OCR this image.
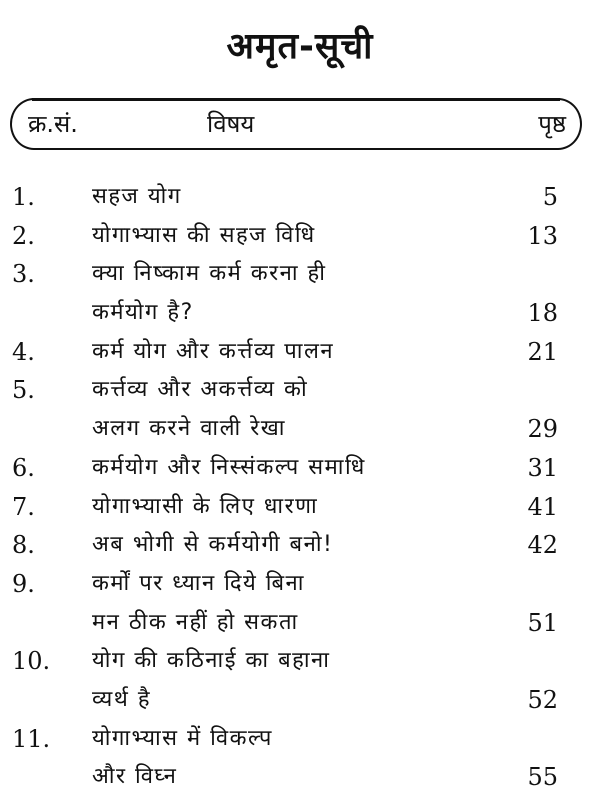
अमृत-सूची
क्र.सं.	विषय	पृष्ठ
1.	सहज योग	5
2.	योगाभ्यास की सहज विधि	13
3.	क्या निष्काम कर्म करना ही
कर्मयोग है?	18
4.	कर्म योग और कर्त्तव्य पालन	21
5.	कर्त्तव्य और अकर्त्तव्य को
अलग करने वाली रेखा	29
6.	कर्मयोग और निस्संकल्प समाधि	31
7.	योगाभ्यासी के लिए धारणा	41
8.	अब भोगी से कर्मयोगी बनो!	42
9.	कर्मों पर ध्यान दिये बिना
मन ठीक नहीं हो सकता	51
10. योग की कठिनाई का बहाना
व्यर्थ है	52
11. योगाभ्यास में विकल्प
और विघ्न	55
